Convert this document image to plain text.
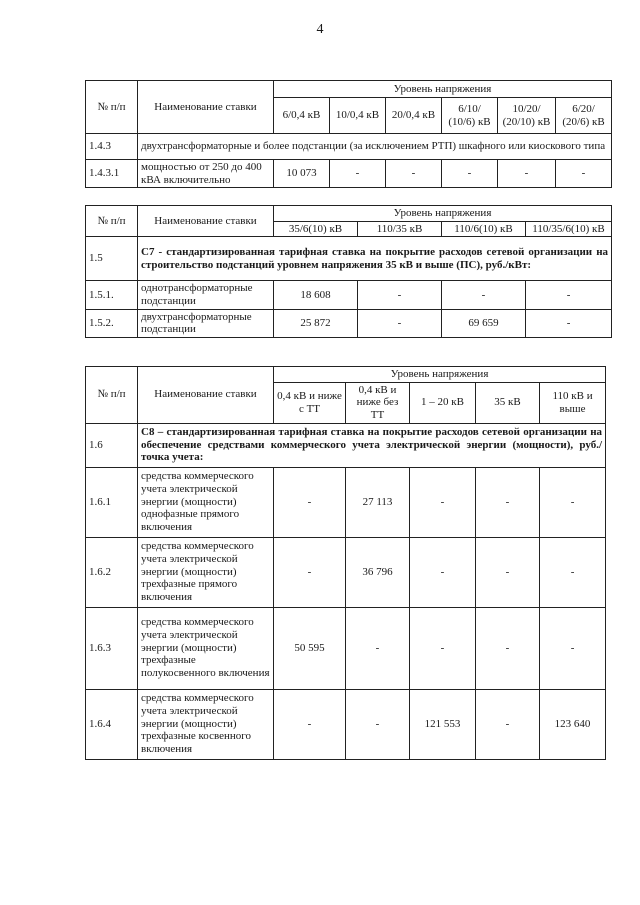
4
№ п/п	Наименование ставки	Уровень напряжения					
		6/0,4 кВ	10/0,4 кВ	20/0,4 кВ	6/10/ (10/6) кВ	10/20/ (20/10) кВ	6/20/ (20/6) кВ
1.4.3	двухтрансформаторные и более подстанции (за исключением РТП) шкафного или киоскового типа						
1.4.3.1	мощностью от 250 до 400 кВА включительно	10 073	-	-	-	-	-
№ п/п	Наименование ставки	Уровень напряжения			
		35/6(10) кВ	110/35 кВ	110/6(10) кВ	110/35/6(10) кВ
1.5	С7 - стандартизированная тарифная ставка на покрытие расходов сетевой организации на строительство подстанций уровнем напряжения 35 кВ и выше (ПС), руб./кВт:				
1.5.1.	однотрансформаторные подстанции	18 608	-	-	-
1.5.2.	двухтрансформаторные подстанции	25 872	-	69 659	-
№ п/п	Наименование ставки	Уровень напряжения				
		0,4 кВ и ниже с ТТ	0,4 кВ и ниже без ТТ	1 – 20 кВ	35 кВ	110 кВ и выше
1.6	С8 – стандартизированная тарифная ставка на покрытие расходов сетевой организации на обеспечение средствами коммерческого учета электрической энергии (мощности), руб./точка учета:					
1.6.1	средства коммерческого учета электрической энергии (мощности) однофазные прямого включения	-	27 113	-	-	-
1.6.2	средства коммерческого учета электрической энергии (мощности) трехфазные прямого включения	-	36 796	-	-	-
1.6.3	средства коммерческого учета электрической энергии (мощности) трехфазные полукосвенного включения	50 595	-	-	-	-
1.6.4	средства коммерческого учета электрической энергии (мощности) трехфазные косвенного включения	-	-	121 553	-	123 640
